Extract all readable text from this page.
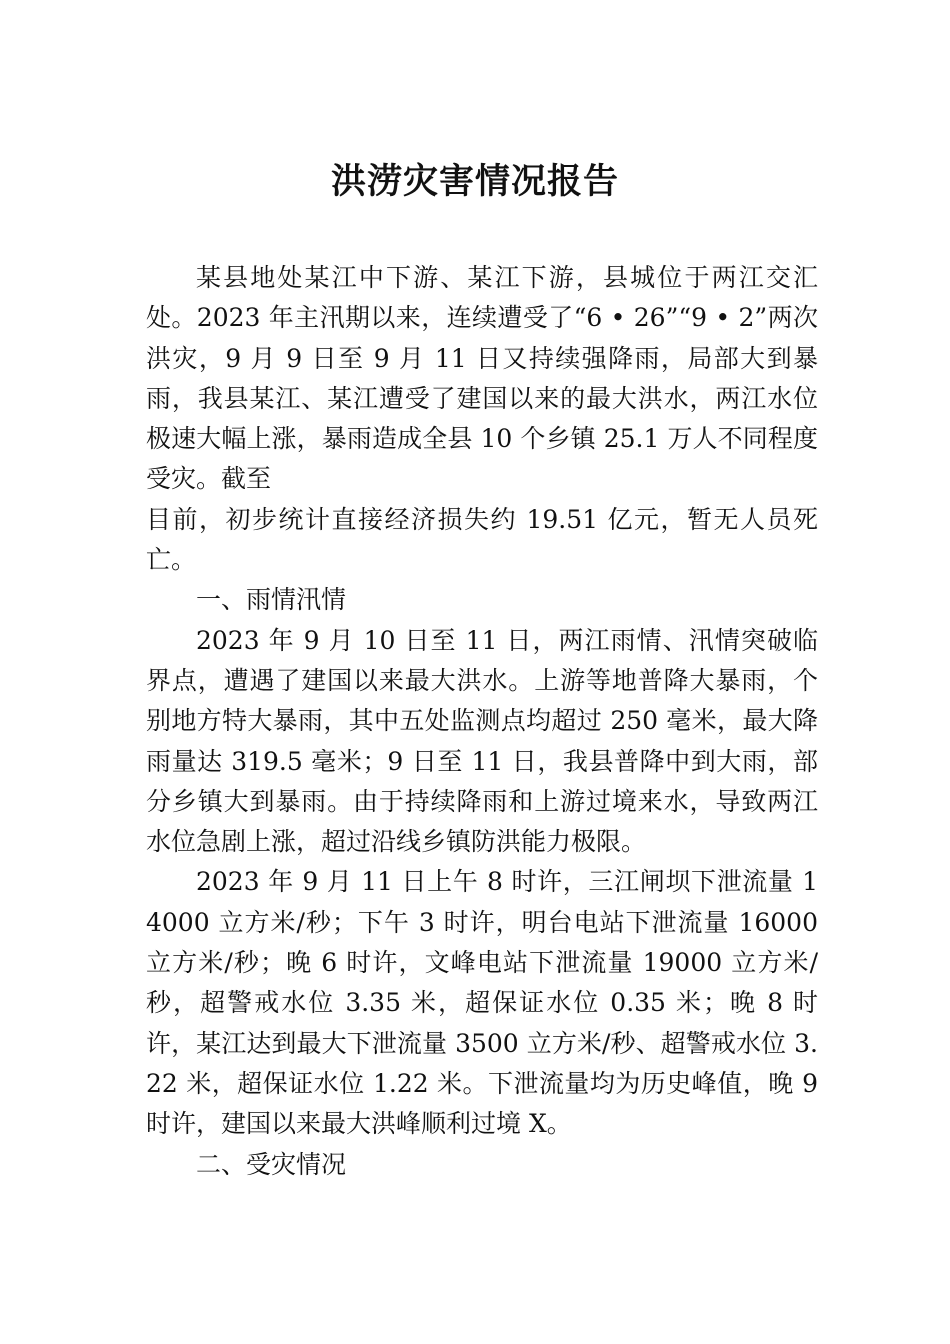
洪涝灾害情况报告

某县地处某江中下游、某江下游，县城位于两江交汇处。2023 年主汛期以来，连续遭受了“6 • 26”“9 • 2”两次洪灾，9 月 9 日至 9 月 11 日又持续强降雨，局部大到暴雨，我县某江、某江遭受了建国以来的最大洪水，两江水位极速大幅上涨，暴雨造成全县 10 个乡镇 25.1 万人不同程度受灾。截至

目前，初步统计直接经济损失约 19.51 亿元，暂无人员死亡。

一、雨情汛情

2023 年 9 月 10 日至 11 日，两江雨情、汛情突破临界点，遭遇了建国以来最大洪水。上游等地普降大暴雨，个别地方特大暴雨，其中五处监测点均超过 250 毫米，最大降雨量达 319.5 毫米；9 日至 11 日，我县普降中到大雨，部分乡镇大到暴雨。由于持续降雨和上游过境来水，导致两江水位急剧上涨，超过沿线乡镇防洪能力极限。

2023 年 9 月 11 日上午 8 时许，三江闸坝下泄流量 14000 立方米/秒；下午 3 时许，明台电站下泄流量 16000 立方米/秒；晚 6 时许，文峰电站下泄流量 19000 立方米/秒，超警戒水位 3.35 米，超保证水位 0.35 米；晚 8 时许，某江达到最大下泄流量 3500 立方米/秒、超警戒水位 3.22 米，超保证水位 1.22 米。下泄流量均为历史峰值，晚 9 时许，建国以来最大洪峰顺利过境 X。

二、受灾情况
